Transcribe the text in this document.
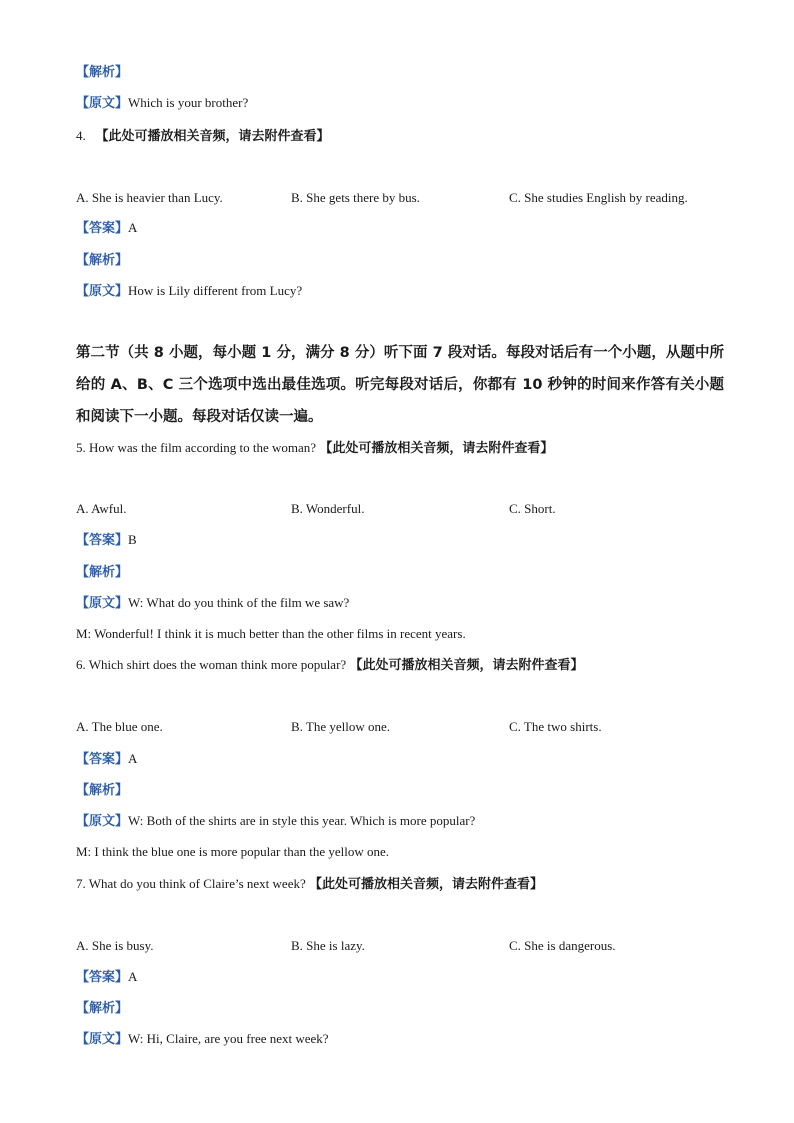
【解析】
【原文】Which is your brother?
4. 【此处可播放相关音频，请去附件查看】
A. She is heavier than Lucy.	B. She gets there by bus.	C. She studies English by reading.
【答案】A
【解析】
【原文】How is Lily different from Lucy?
第二节（共 8 小题，每小题 1 分，满分 8 分）听下面 7 段对话。每段对话后有一个小题，从题中所给的 A、B、C 三个选项中选出最佳选项。听完每段对话后，你都有 10 秒钟的时间来作答有关小题和阅读下一小题。每段对话仅读一遍。
5. How was the film according to the woman? 【此处可播放相关音频，请去附件查看】
A. Awful.	B. Wonderful.	C. Short.
【答案】B
【解析】
【原文】W: What do you think of the film we saw?
M: Wonderful! I think it is much better than the other films in recent years.
6. Which shirt does the woman think more popular? 【此处可播放相关音频，请去附件查看】
A. The blue one.	B. The yellow one.	C. The two shirts.
【答案】A
【解析】
【原文】W: Both of the shirts are in style this year. Which is more popular?
M: I think the blue one is more popular than the yellow one.
7. What do you think of Claire’s next week? 【此处可播放相关音频，请去附件查看】
A. She is busy.	B. She is lazy.	C. She is dangerous.
【答案】A
【解析】
【原文】W: Hi, Claire, are you free next week?
